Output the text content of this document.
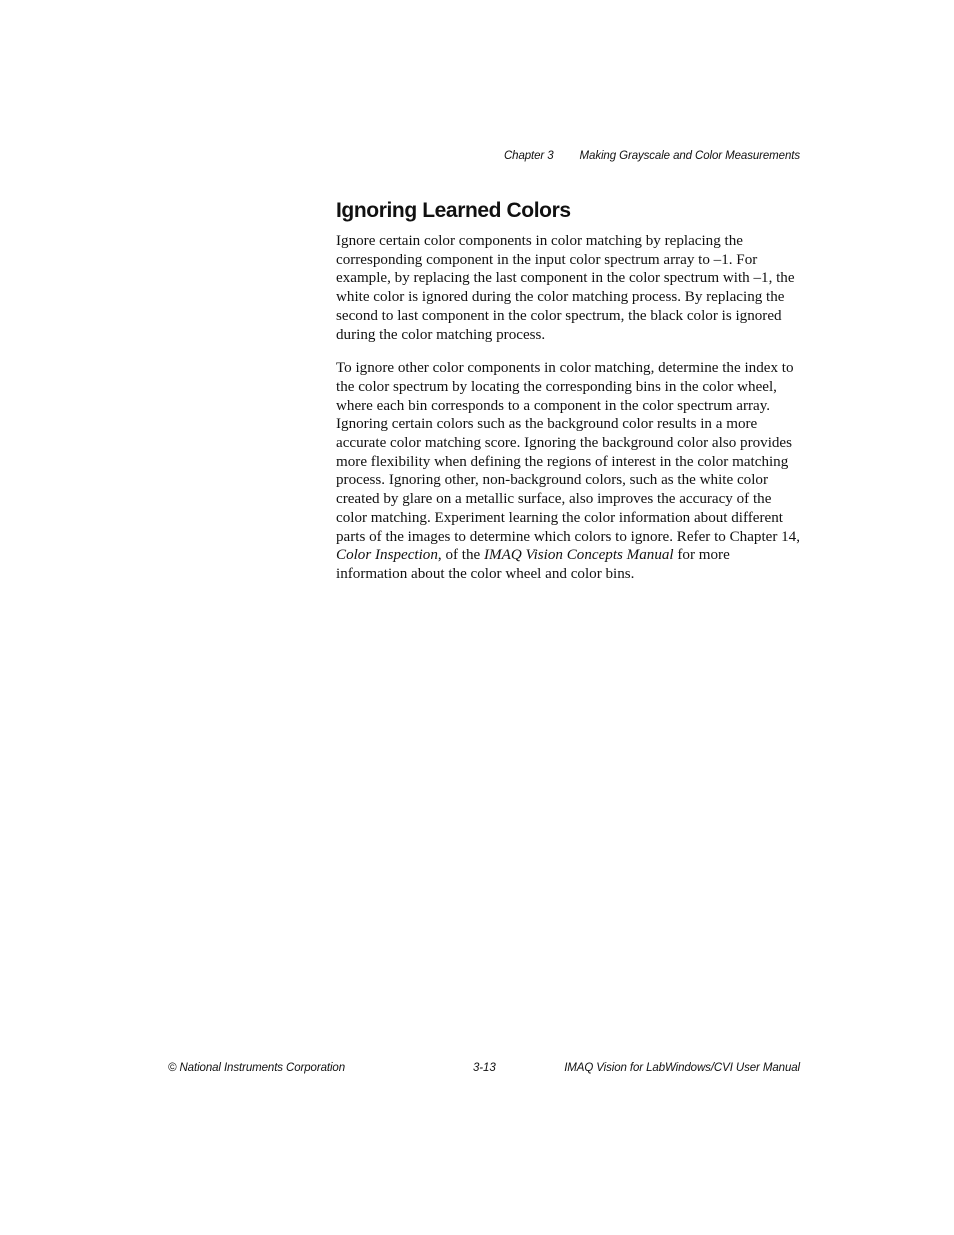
Chapter 3 Making Grayscale and Color Measurements
Ignoring Learned Colors

Ignore certain color components in color matching by replacing the corresponding component in the input color spectrum array to –1. For example, by replacing the last component in the color spectrum with –1, the white color is ignored during the color matching process. By replacing the second to last component in the color spectrum, the black color is ignored during the color matching process.

To ignore other color components in color matching, determine the index to the color spectrum by locating the corresponding bins in the color wheel, where each bin corresponds to a component in the color spectrum array. Ignoring certain colors such as the background color results in a more accurate color matching score. Ignoring the background color also provides more flexibility when defining the regions of interest in the color matching process. Ignoring other, non-background colors, such as the white color created by glare on a metallic surface, also improves the accuracy of the color matching. Experiment learning the color information about different parts of the images to determine which colors to ignore. Refer to Chapter 14, Color Inspection, of the IMAQ Vision Concepts Manual for more information about the color wheel and color bins.

© National Instruments Corporation	3-13	IMAQ Vision for LabWindows/CVI User Manual
